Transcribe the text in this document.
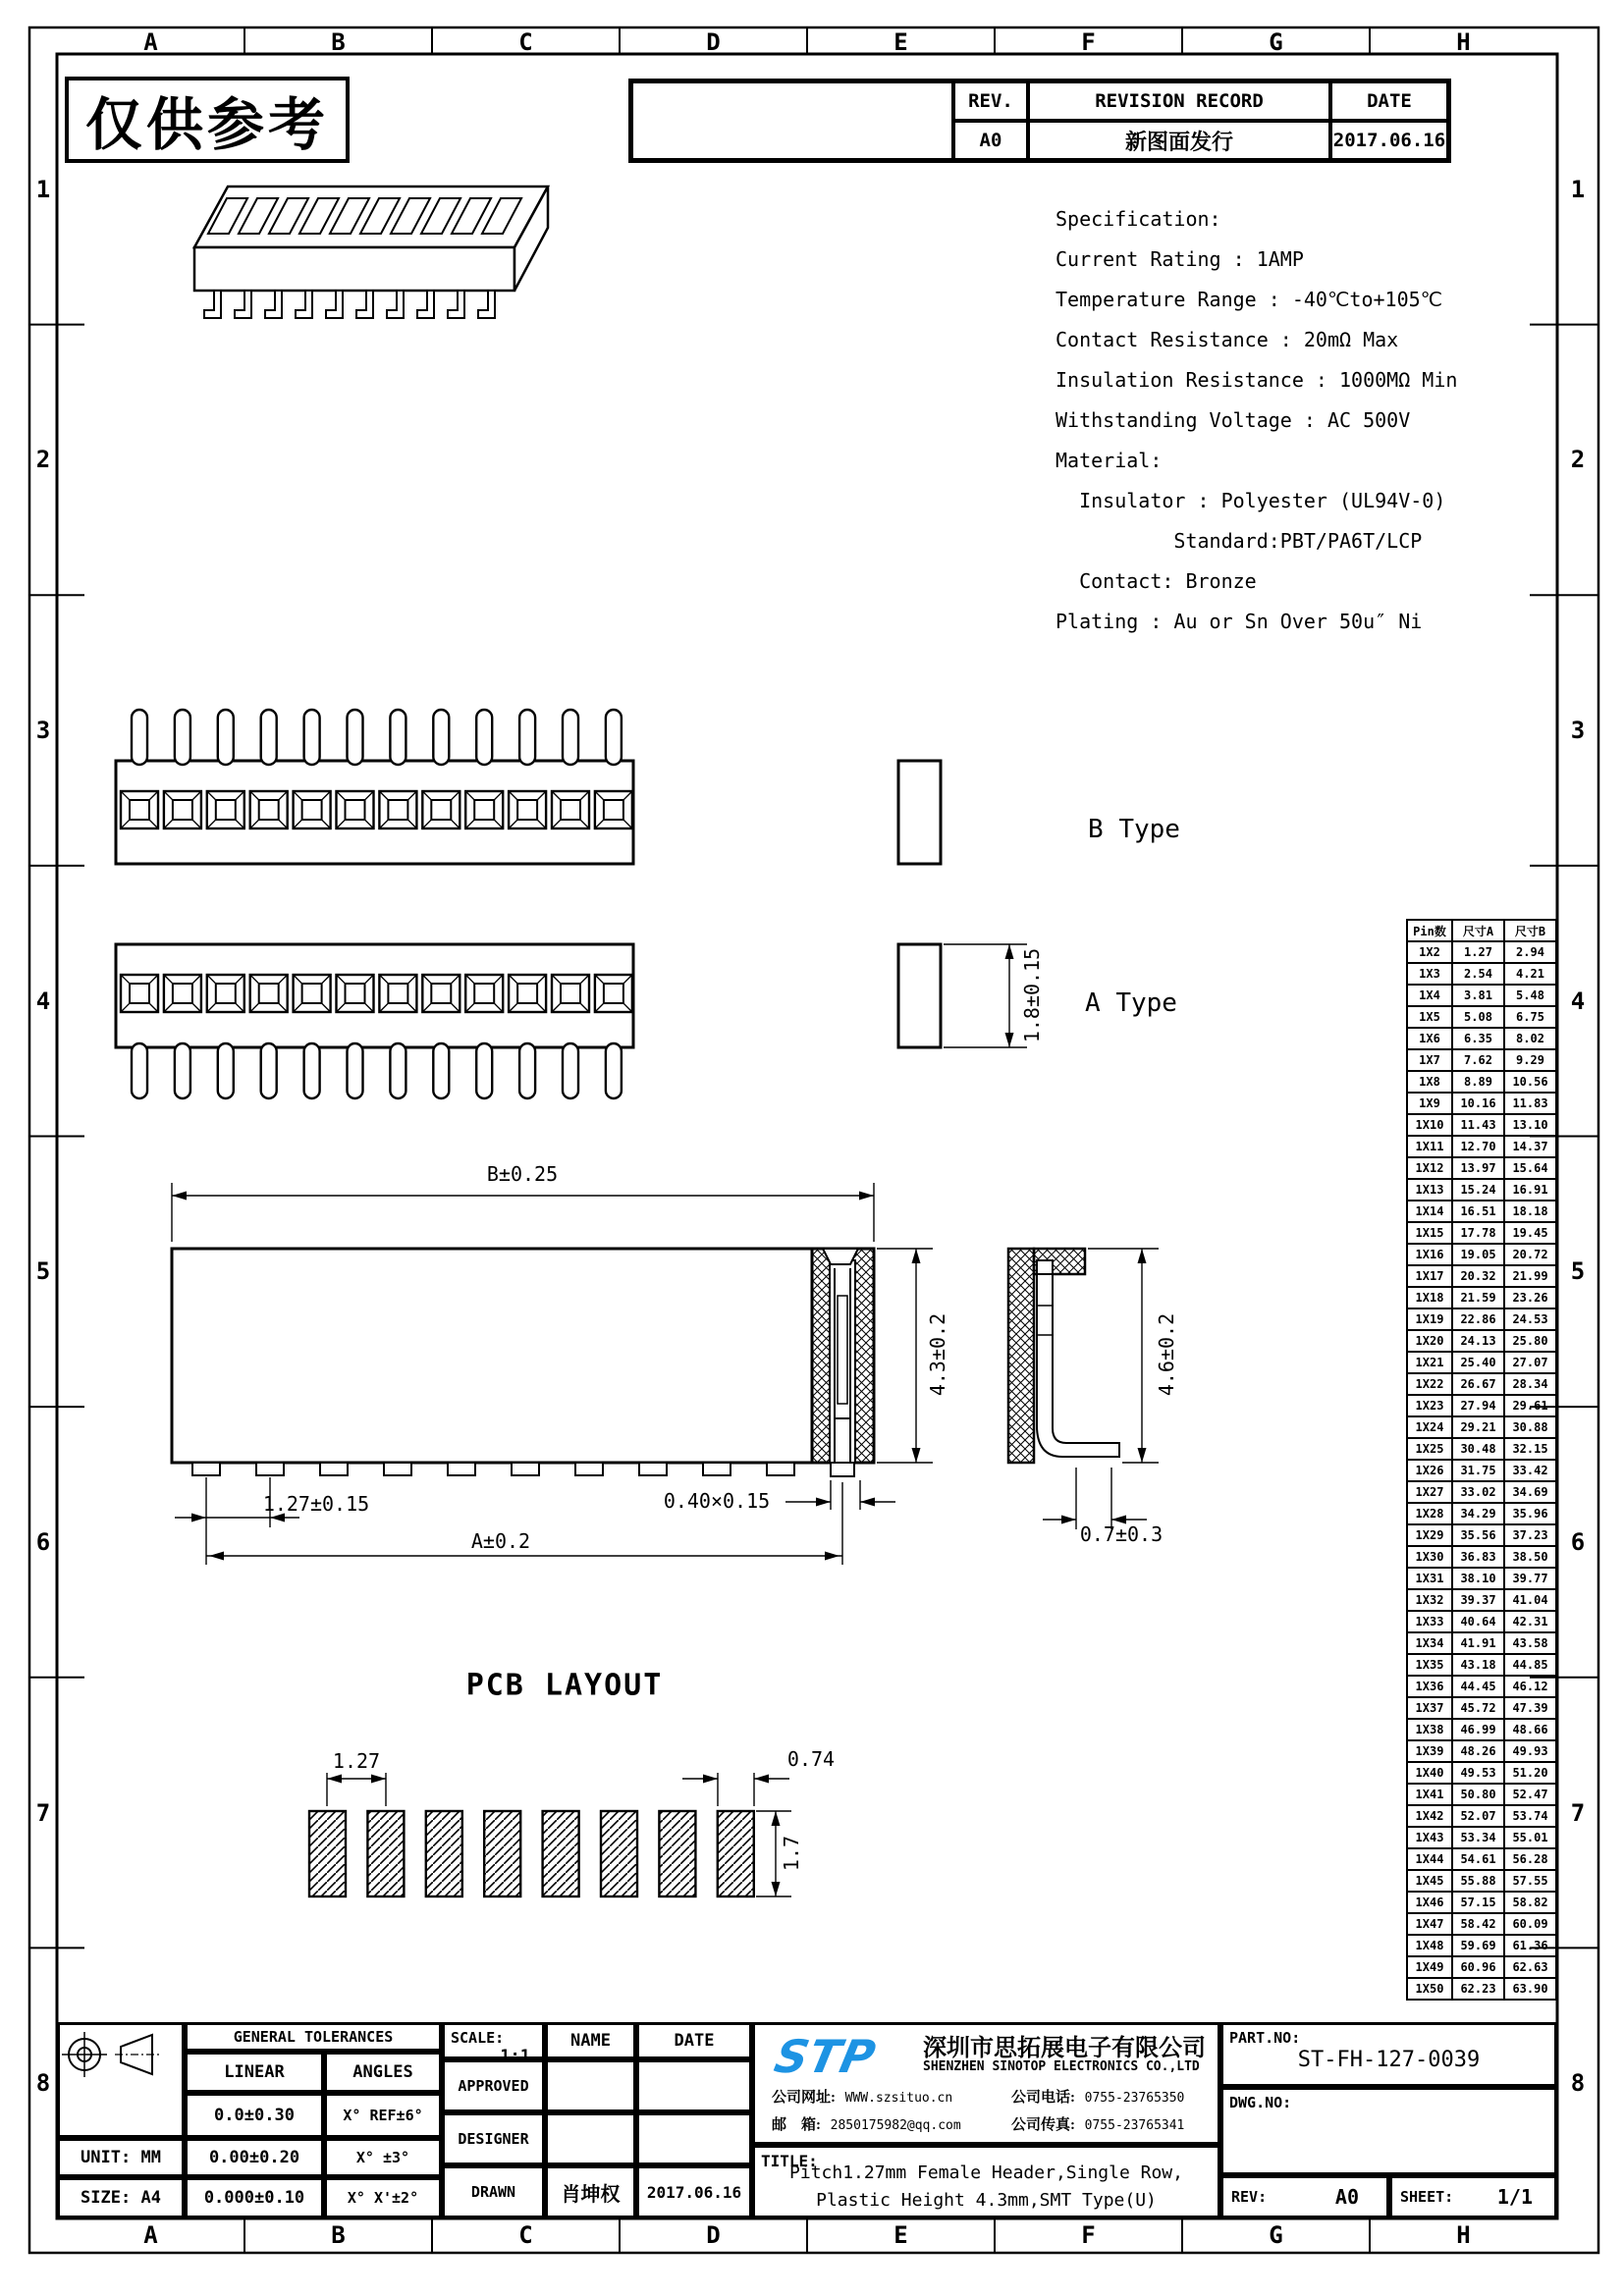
仅供参考	REV.	REVISION RECORD	DATE
A0	新图面发行	2017.06.16
Specification:
Current Rating : 1AMP
Temperature Range : -40℃to+105℃
Contact Resistance : 20mΩ Max
Insulation Resistance : 1000MΩ Min
Withstanding Voltage : AC 500V
Material:
Insulator : Polyester (UL94V-0)
Standard:PBT/PA6T/LCP
Contact: Bronze
Plating : Au or Sn Over 50u″ Ni
B Type
A Type
PCB LAYOUT
B±0.25
4.3±0.2
1.27±0.15	0.40×0.15
A±0.2
4.6±0.2
0.7±0.3
1.8±0.15
1.27	0.74
1.7
Pin数	尺寸A	尺寸B
1X2	1.27	2.94
1X3	2.54	4.21
1X4	3.81	5.48
1X5	5.08	6.75
1X6	6.35	8.02
1X7	7.62	9.29
1X8	8.89	10.56
1X9	10.16	11.83
1X10	11.43	13.10
1X11	12.70	14.37
1X12	13.97	15.64
1X13	15.24	16.91
1X14	16.51	18.18
1X15	17.78	19.45
1X16	19.05	20.72
1X17	20.32	21.99
1X18	21.59	23.26
1X19	22.86	24.53
1X20	24.13	25.80
1X21	25.40	27.07
1X22	26.67	28.34
1X23	27.94	29.61
1X24	29.21	30.88
1X25	30.48	32.15
1X26	31.75	33.42
1X27	33.02	34.69
1X28	34.29	35.96
1X29	35.56	37.23
1X30	36.83	38.50
1X31	38.10	39.77
1X32	39.37	41.04
1X33	40.64	42.31
1X34	41.91	43.58
1X35	43.18	44.85
1X36	44.45	46.12
1X37	45.72	47.39
1X38	46.99	48.66
1X39	48.26	49.93
1X40	49.53	51.20
1X41	50.80	52.47
1X42	52.07	53.74
1X43	53.34	55.01
1X44	54.61	56.28
1X45	55.88	57.55
1X46	57.15	58.82
1X47	58.42	60.09
1X48	59.69	61.36
1X49	60.96	62.63
1X50	62.23	63.90
GENERAL TOLERANCES
LINEAR	ANGLES
0.0±0.30	X° REF±6°
UNIT: MM	0.00±0.20	X° ±3°
SIZE: A4	0.000±0.10	X° X'±2°
SCALE:
1:1
NAME	DATE
APPROVED
DESIGNER
DRAWN	肖坤权	2017.06.16
STP 深圳市思拓展电子有限公司
SHENZHEN SINOTOP ELECTRONICS CO.,LTD
公司网址: WWW.szsituo.cn
邮　箱: 2850175982@qq.com
公司电话: 0755-23765350
公司传真: 0755-23765341
TITLE:
Pitch1.27mm Female Header,Single Row,
Plastic Height 4.3mm,SMT Type(U)
PART.NO:
ST-FH-127-0039
DWG.NO:
REV:	A0	SHEET: 1/1
A
A
B
B
C
C
D
D
E
E
F
F
G
G
H
H
1	1
2	2
3	3
4	4
5	5
6	6
7	7
8	8
